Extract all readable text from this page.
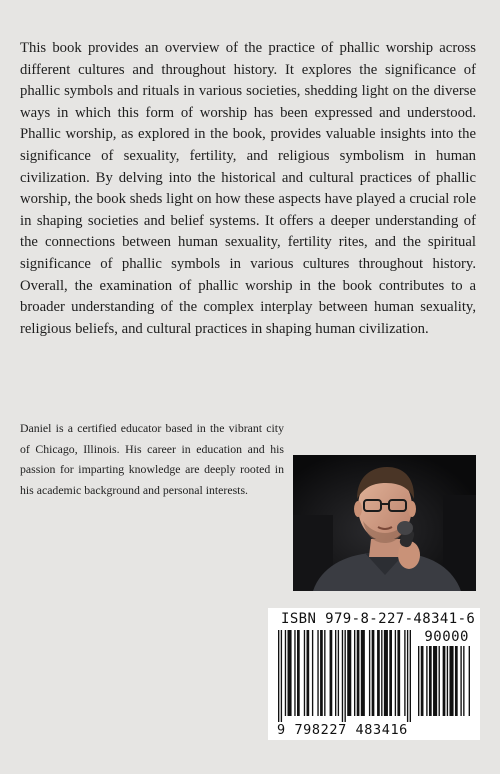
This book provides an overview of the practice of phallic worship across different cultures and throughout history. It explores the significance of phallic symbols and rituals in various societies, shedding light on the diverse ways in which this form of worship has been expressed and understood. Phallic worship, as explored in the book, provides valuable insights into the significance of sexuality, fertility, and religious symbolism in human civilization. By delving into the historical and cultural practices of phallic worship, the book sheds light on how these aspects have played a crucial role in shaping societies and belief systems. It offers a deeper understanding of the connections between human sexuality, fertility rites, and the spiritual significance of phallic symbols in various cultures throughout history. Overall, the examination of phallic worship in the book contributes to a broader understanding of the complex interplay between human sexuality, religious beliefs, and cultural practices in shaping human civilization.

Daniel is a certified educator based in the vibrant city of Chicago, Illinois. His career in education and his passion for imparting knowledge are deeply rooted in his academic background and personal interests.

ISBN 979-8-227-48341-6
90000
9 798227 483416
